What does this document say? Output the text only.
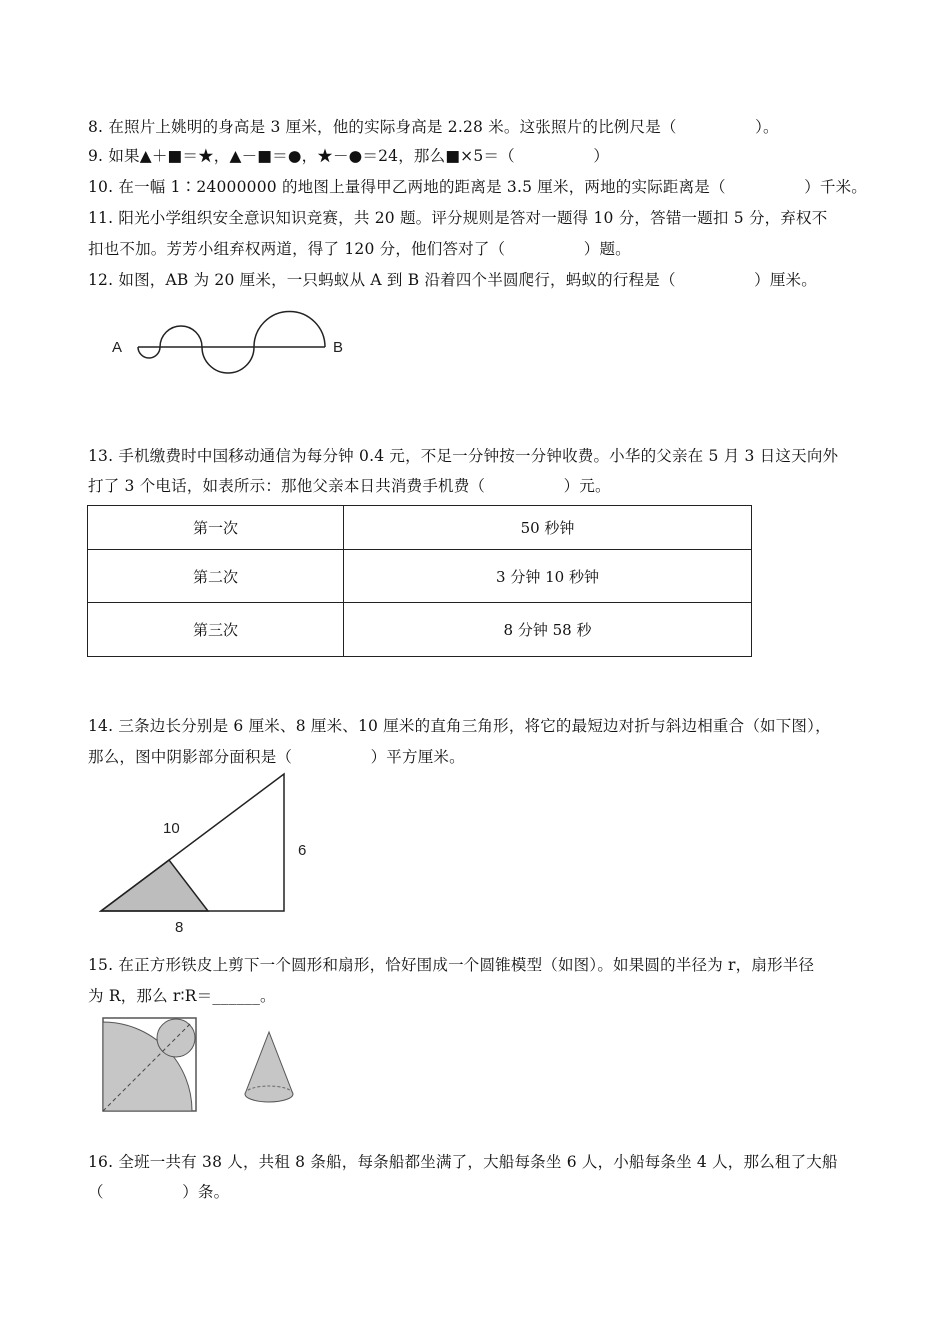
8. 在照片上姚明的身高是 3 厘米，他的实际身高是 2.28 米。这张照片的比例尺是（　　　　　）。
9. 如果▲＋■＝★，▲－■＝●，★－●＝24，那么■×5＝（　　　　　）
10. 在一幅 1∶24000000 的地图上量得甲乙两地的距离是 3.5 厘米，两地的实际距离是（　　　　　）千米。
11. 阳光小学组织安全意识知识竞赛，共 20 题。评分规则是答对一题得 10 分，答错一题扣 5 分，弃权不
扣也不加。芳芳小组弃权两道，得了 120 分，他们答对了（　　　　　）题。
12. 如图，AB 为 20 厘米，一只蚂蚁从 A 到 B 沿着四个半圆爬行，蚂蚁的行程是（　　　　　）厘米。
A	B
13. 手机缴费时中国移动通信为每分钟 0.4 元，不足一分钟按一分钟收费。小华的父亲在 5 月 3 日这天向外
打了 3 个电话，如表所示：那他父亲本日共消费手机费（　　　　　）元。
第一次	50 秒钟
第二次	3 分钟 10 秒钟
第三次	8 分钟 58 秒
14. 三条边长分别是 6 厘米、8 厘米、10 厘米的直角三角形，将它的最短边对折与斜边相重合（如下图），
那么，图中阴影部分面积是（　　　　　）平方厘米。
10
6
8
15. 在正方形铁皮上剪下一个圆形和扇形，恰好围成一个圆锥模型（如图）。如果圆的半径为 r，扇形半径
为 R，那么 r∶R＝______。
16. 全班一共有 38 人，共租 8 条船，每条船都坐满了，大船每条坐 6 人，小船每条坐 4 人，那么租了大船
（　　　　　）条。
